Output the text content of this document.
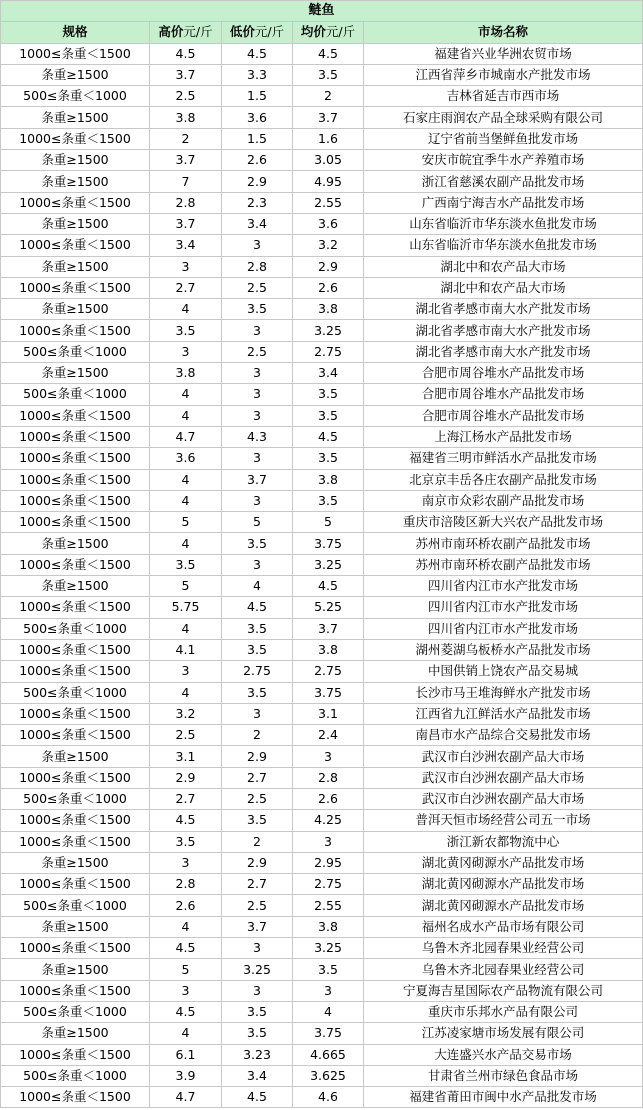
鲢鱼				
规格	高价元/斤	低价元/斤	均价元/斤	市场名称
1000≤条重＜1500	4.5	4.5	4.5	福建省兴业华洲农贸市场
条重≥1500	3.7	3.3	3.5	江西省萍乡市城南水产批发市场
500≤条重＜1000	2.5	1.5	2	吉林省延吉市西市场
条重≥1500	3.8	3.6	3.7	石家庄雨润农产品全球采购有限公司
1000≤条重＜1500	2	1.5	1.6	辽宁省前当堡鲜鱼批发市场
条重≥1500	3.7	2.6	3.05	安庆市皖宜季牛水产养殖市场
条重≥1500	7	2.9	4.95	浙江省慈溪农副产品批发市场
1000≤条重＜1500	2.8	2.3	2.55	广西南宁海吉水产品批发市场
条重≥1500	3.7	3.4	3.6	山东省临沂市华东淡水鱼批发市场
1000≤条重＜1500	3.4	3	3.2	山东省临沂市华东淡水鱼批发市场
条重≥1500	3	2.8	2.9	湖北中和农产品大市场
1000≤条重＜1500	2.7	2.5	2.6	湖北中和农产品大市场
条重≥1500	4	3.5	3.8	湖北省孝感市南大水产批发市场
1000≤条重＜1500	3.5	3	3.25	湖北省孝感市南大水产批发市场
500≤条重＜1000	3	2.5	2.75	湖北省孝感市南大水产批发市场
条重≥1500	3.8	3	3.4	合肥市周谷堆水产品批发市场
500≤条重＜1000	4	3	3.5	合肥市周谷堆水产品批发市场
1000≤条重＜1500	4	3	3.5	合肥市周谷堆水产品批发市场
1000≤条重＜1500	4.7	4.3	4.5	上海江杨水产品批发市场
1000≤条重＜1500	3.6	3	3.5	福建省三明市鲜活水产品批发市场
1000≤条重＜1500	4	3.7	3.8	北京京丰岳各庄农副产品批发市场
1000≤条重＜1500	4	3	3.5	南京市众彩农副产品批发市场
1000≤条重＜1500	5	5	5	重庆市涪陵区新大兴农产品批发市场
条重≥1500	4	3.5	3.75	苏州市南环桥农副产品批发市场
1000≤条重＜1500	3.5	3	3.25	苏州市南环桥农副产品批发市场
条重≥1500	5	4	4.5	四川省内江市水产批发市场
1000≤条重＜1500	5.75	4.5	5.25	四川省内江市水产批发市场
500≤条重＜1000	4	3.5	3.7	四川省内江市水产批发市场
1000≤条重＜1500	4.1	3.5	3.8	湖州菱湖乌板桥水产品批发市场
1000≤条重＜1500	3	2.75	2.75	中国供销上饶农产品交易城
500≤条重＜1000	4	3.5	3.75	长沙市马王堆海鲜水产批发市场
1000≤条重＜1500	3.2	3	3.1	江西省九江鲜活水产品批发市场
1000≤条重＜1500	2.5	2	2.4	南昌市水产品综合交易批发市场
条重≥1500	3.1	2.9	3	武汉市白沙洲农副产品大市场
1000≤条重＜1500	2.9	2.7	2.8	武汉市白沙洲农副产品大市场
500≤条重＜1000	2.7	2.5	2.6	武汉市白沙洲农副产品大市场
1000≤条重＜1500	4.5	3.5	4.25	普洱天恒市场经营公司五一市场
1000≤条重＜1500	3.5	2	3	浙江新农都物流中心
条重≥1500	3	2.9	2.95	湖北黄冈砌源水产品批发市场
1000≤条重＜1500	2.8	2.7	2.75	湖北黄冈砌源水产品批发市场
500≤条重＜1000	2.6	2.5	2.55	湖北黄冈砌源水产品批发市场
条重≥1500	4	3.7	3.8	福州名成水产品市场有限公司
1000≤条重＜1500	4.5	3	3.25	乌鲁木齐北园春果业经营公司
条重≥1500	5	3.25	3.5	乌鲁木齐北园春果业经营公司
1000≤条重＜1500	3	3	3	宁夏海吉星国际农产品物流有限公司
500≤条重＜1000	4.5	3.5	4	重庆市乐邦水产品有限公司
条重≥1500	4	3.5	3.75	江苏凌家塘市场发展有限公司
1000≤条重＜1500	6.1	3.23	4.665	大连盛兴水产品交易市场
500≤条重＜1000	3.9	3.4	3.625	甘肃省兰州市绿色食品市场
1000≤条重＜1500	4.7	4.5	4.6	福建省莆田市闽中水产品批发市场
